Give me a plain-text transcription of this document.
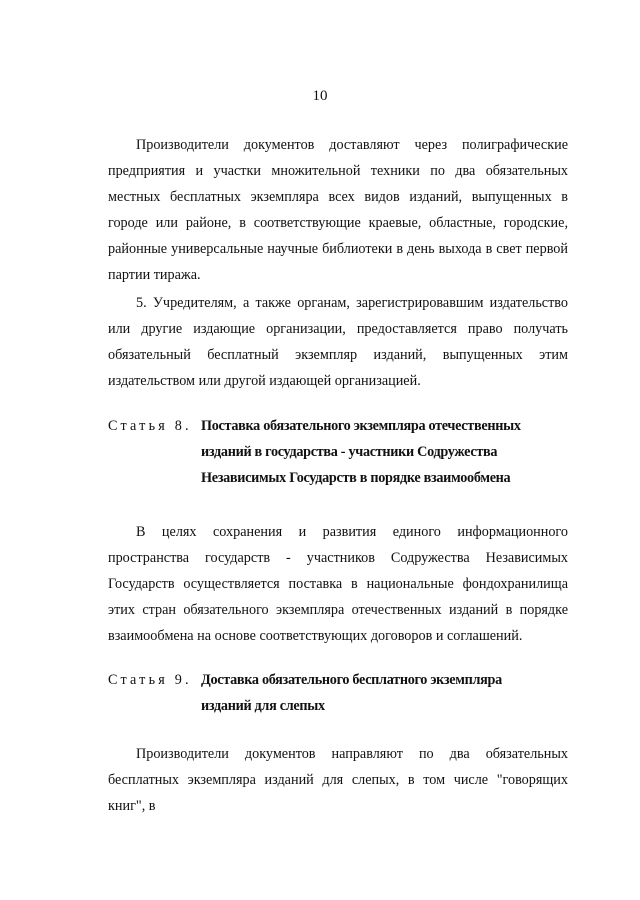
10

Производители документов доставляют через полиграфические предприятия и участки множительной техники по два обязательных местных бесплатных экземпляра всех видов изданий, выпущенных в городе или районе, в соответствующие краевые, областные, городские, районные универсальные научные библиотеки в день выхода в свет первой партии тиража.

5. Учредителям, а также органам, зарегистрировавшим издательство или другие издающие организации, предоставляется право получать обязательный бесплатный экземпляр изданий, выпущенных этим издательством или другой издающей организацией.

Статья 8. Поставка обязательного экземпляра отечественных
изданий в государства - участники Содружества
Независимых Государств в порядке взаимообмена

В целях сохранения и развития единого информационного пространства государств - участников Содружества Независимых Государств осуществляется поставка в национальные фондохранилища этих стран обязательного экземпляра отечественных изданий в порядке взаимообмена на основе соответствующих договоров и соглашений.

Статья 9. Доставка обязательного бесплатного экземпляра
изданий для слепых

Производители документов направляют по два обязательных бесплатных экземпляра изданий для слепых, в том числе "говорящих книг", в
